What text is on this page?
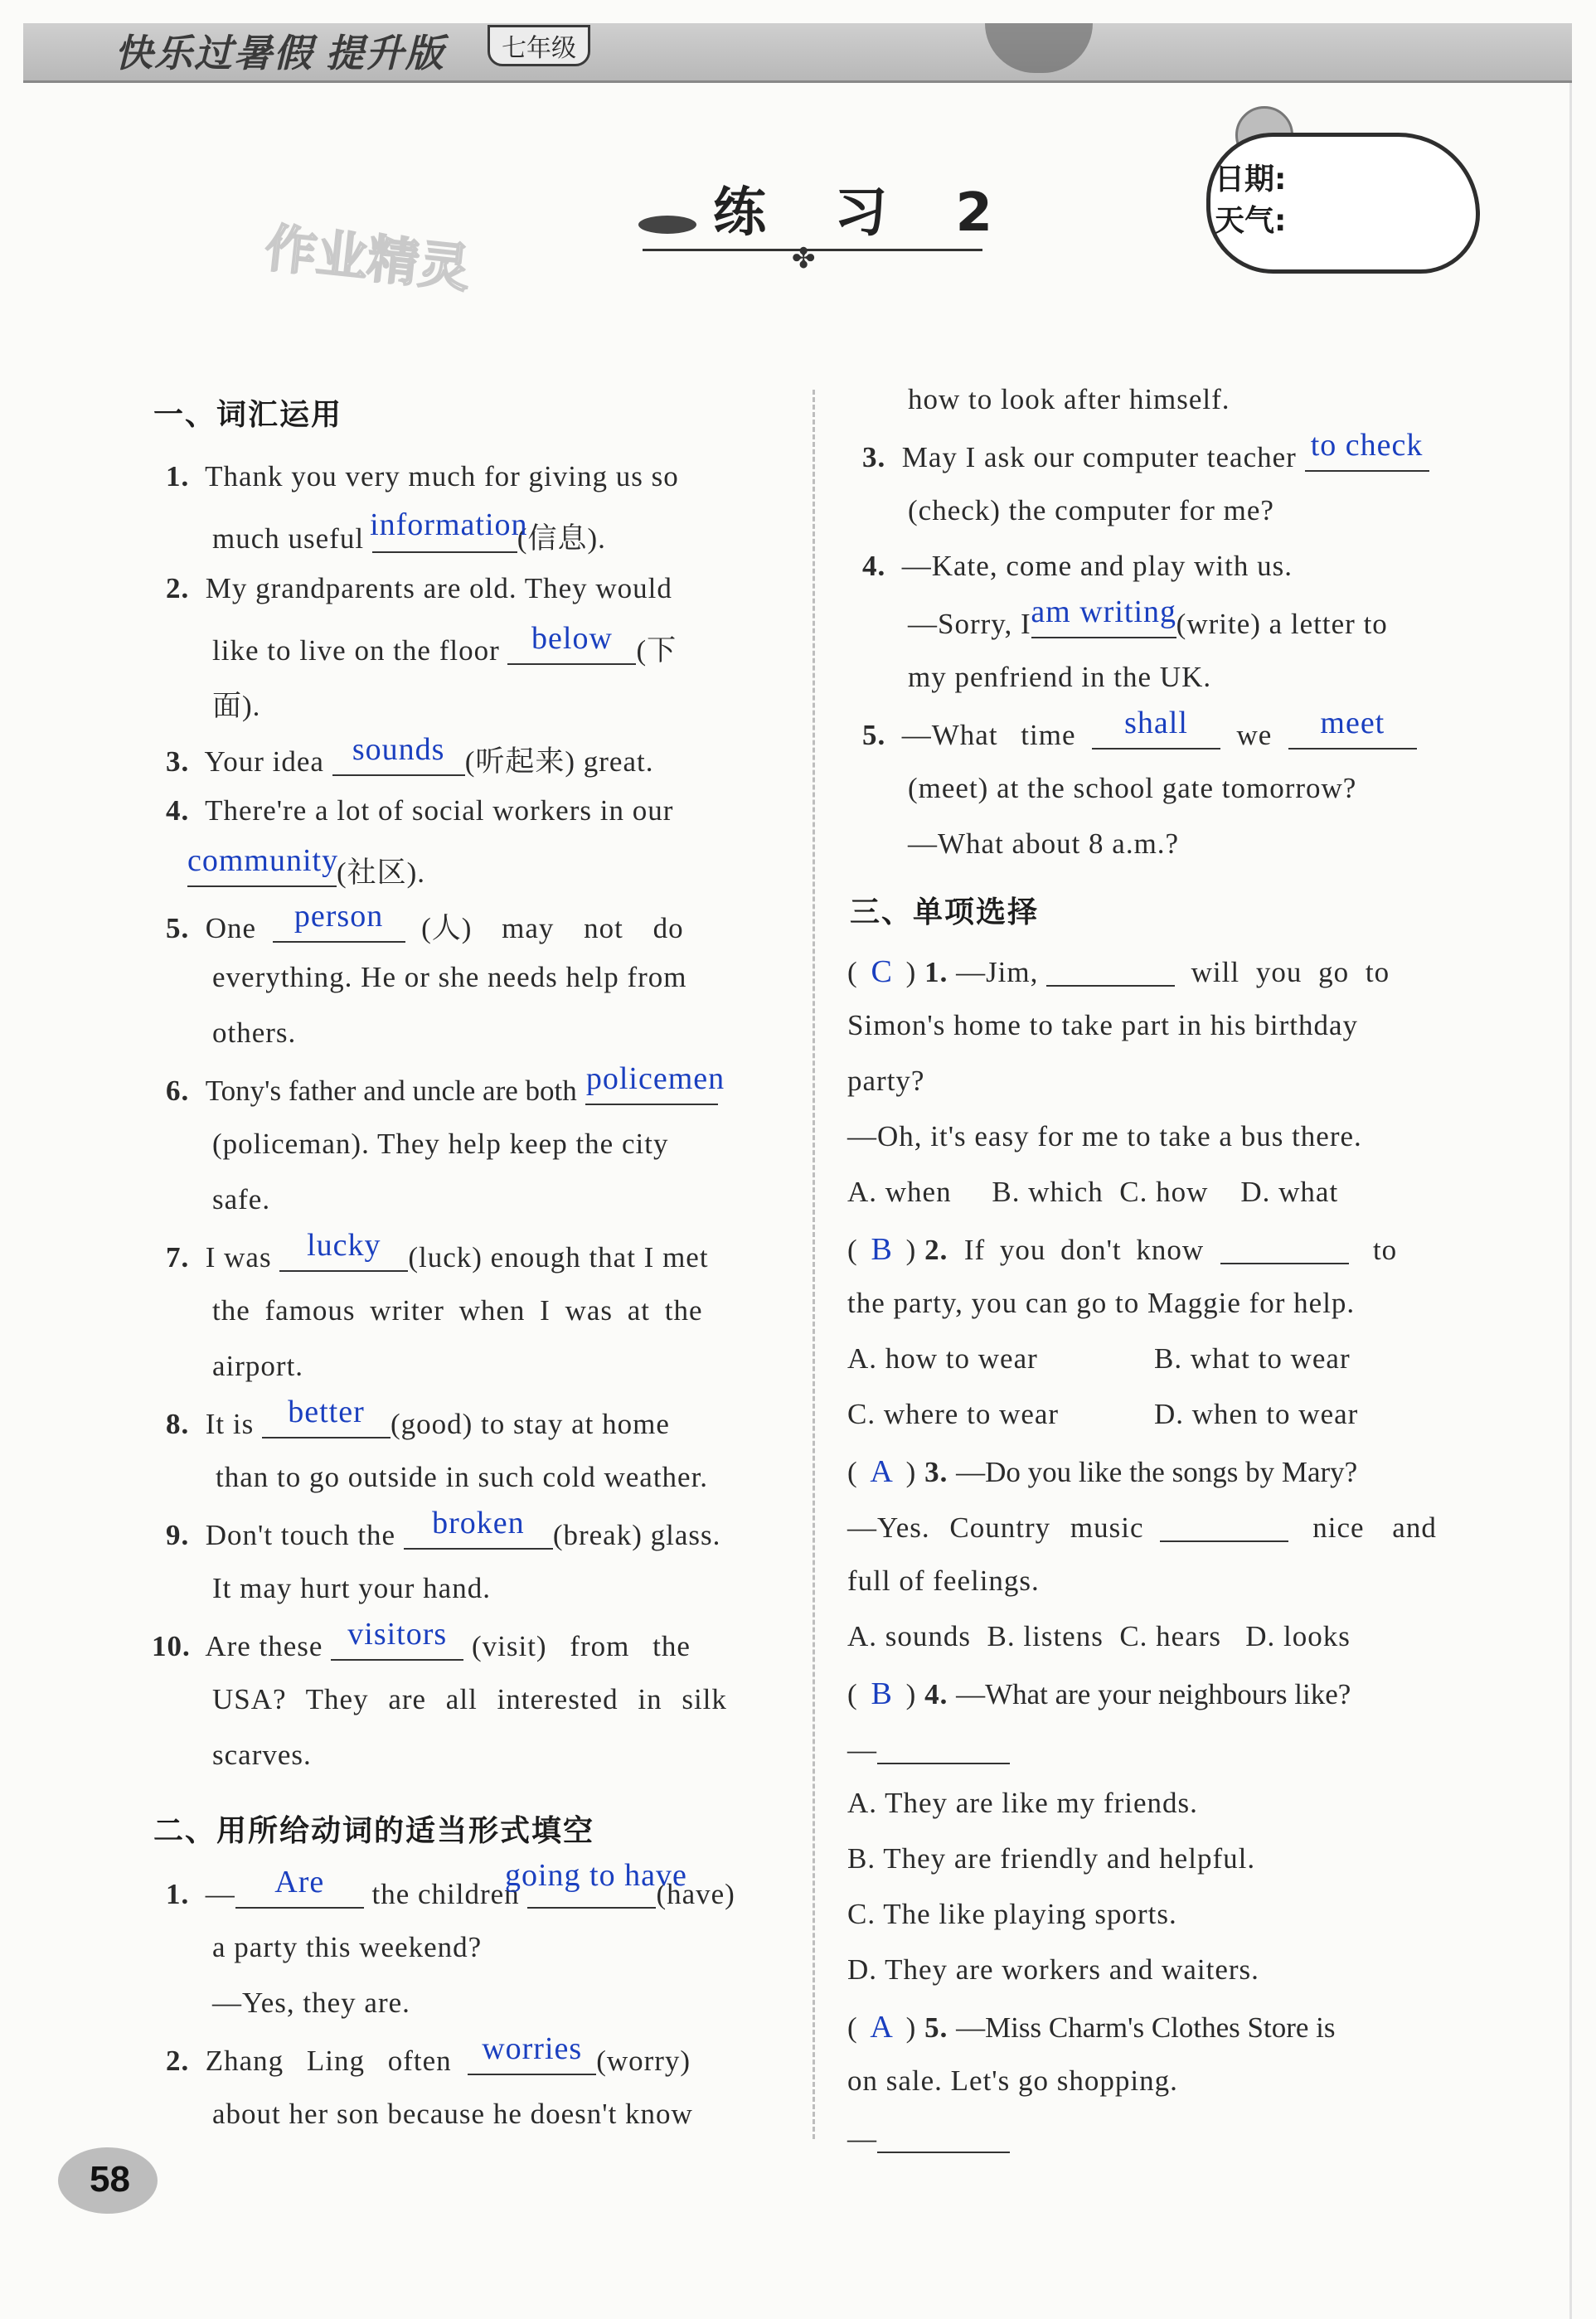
快乐过暑假 提升版	七年级
练 习 2
✤
作业精灵
日期:
天气:
一、词汇运用
1. Thank you very much for giving us so
much useful information
(信息).
2. My grandparents are old. They would
like to live on the floor	below (下
面).
3. Your idea sounds (听起来) great.
4. There're a lot of social workers in our
community
(社区).
5. One	person	(人) may not do
everything. He or she needs help from
others.
6. Tony's father and uncle are both policemen
(policeman). They help keep the city
safe.
7. I was	lucky (luck) enough that I met
the famous writer when I was at the
airport.
8. It is	better (good) to stay at home
than to go outside in such cold weather.
9. Don't touch the	broken (break) glass.
It may hurt your hand.
10. Are these visitors (visit) from the
USA? They are all interested in silk
scarves.
二、用所给动词的适当形式填空
1. —	Are	the children
going to have
(have)
a party this weekend?
—Yes, they are.
2. Zhang Ling often worries (worry)
about her son because he doesn't know
how to look after himself.
3. May I ask our computer teacher to check
(check) the computer for me?
4. —Kate, come and play with us.
—Sorry, I am writing (write) a letter to
my penfriend in the UK.
5. —What time	shall	we	meet
(meet) at the school gate tomorrow?
—What about 8 a.m.?
三、单项选择
( C ) 1. —Jim,	will you go to
Simon's home to take part in his birthday
party?
—Oh, it's easy for me to take a bus there.
A. when B. which C. how D. what
( B ) 2. If you don't know	to
the party, you can go to Maggie for help.
A. how to wear	B. what to wear
C. where to wear	D. when to wear
( A ) 3. —Do you like the songs by Mary?
—Yes. Country music	nice and
full of feelings.
A. sounds B. listens C. hears D. looks
( B ) 4. —What are your neighbours like?
—
A. They are like my friends.
B. They are friendly and helpful.
C. The like playing sports.
D. They are workers and waiters.
( A ) 5. —Miss Charm's Clothes Store is
on sale. Let's go shopping.
—
58
